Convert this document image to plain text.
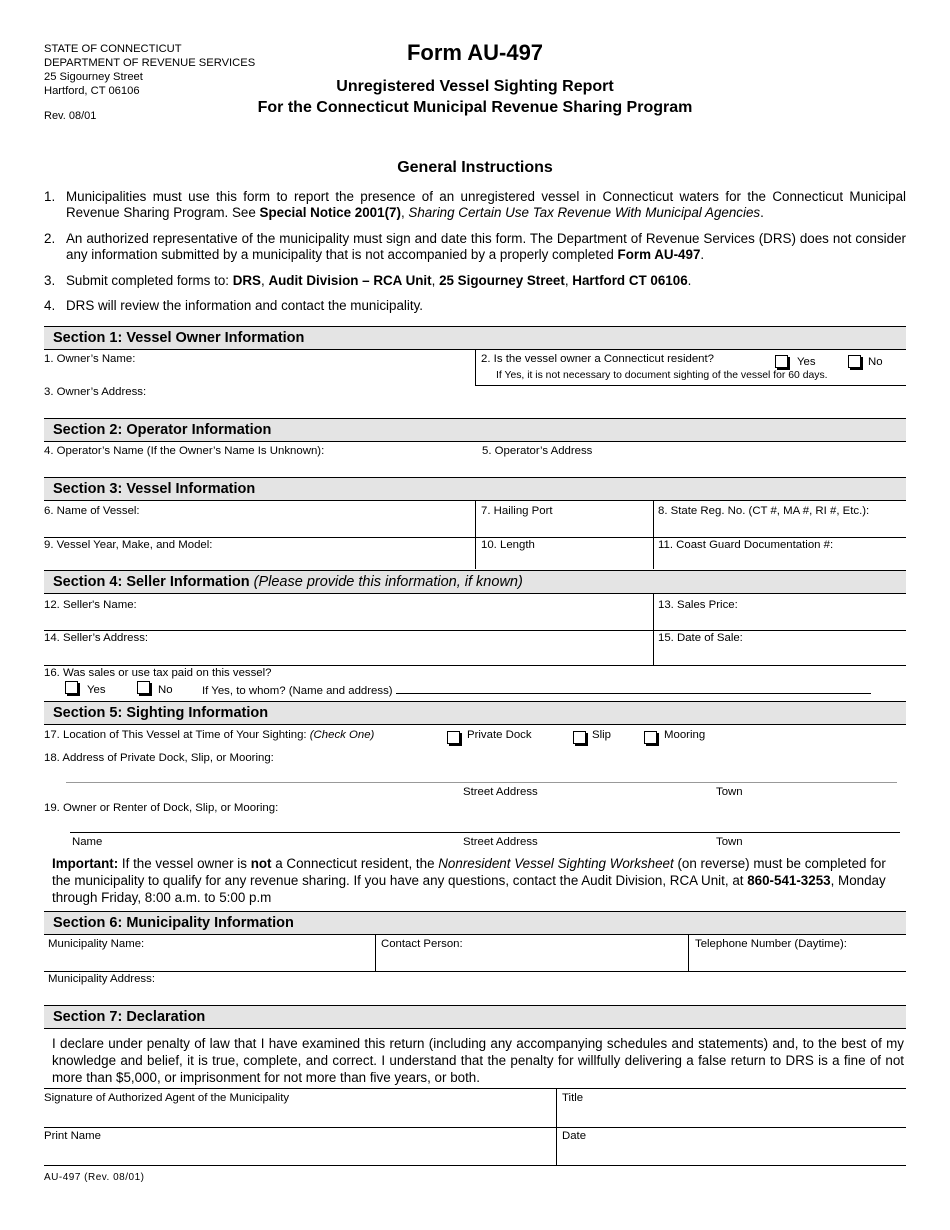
STATE OF CONNECTICUT
DEPARTMENT OF REVENUE SERVICES
25 Sigourney Street
Hartford, CT 06106
Rev. 08/01
Form AU-497
Unregistered Vessel Sighting Report
For the Connecticut Municipal Revenue Sharing Program
General Instructions
1. Municipalities must use this form to report the presence of an unregistered vessel in Connecticut waters for the Connecticut Municipal Revenue Sharing Program. See Special Notice 2001(7), Sharing Certain Use Tax Revenue With Municipal Agencies.
2. An authorized representative of the municipality must sign and date this form. The Department of Revenue Services (DRS) does not consider any information submitted by a municipality that is not accompanied by a properly completed Form AU-497.
3. Submit completed forms to: DRS, Audit Division – RCA Unit, 25 Sigourney Street, Hartford CT 06106.
4. DRS will review the information and contact the municipality.
Section 1: Vessel Owner Information
1. Owner’s Name:	2. Is the vessel owner a Connecticut resident?	Yes	No
If Yes, it is not necessary to document sighting of the vessel for 60 days.
3. Owner’s Address:
Section 2: Operator Information
4. Operator’s Name (If the Owner’s Name Is Unknown):	5. Operator’s Address
Section 3: Vessel Information
6. Name of Vessel:	7. Hailing Port	8. State Reg. No. (CT #, MA #, RI #, Etc.):
9. Vessel Year, Make, and Model:	10. Length	11. Coast Guard Documentation #:
Section 4: Seller Information (Please provide this information, if known)
12. Seller's Name:	13. Sales Price:
14. Seller’s Address:	15. Date of Sale:
16. Was sales or use tax paid on this vessel?
Yes	No	If Yes, to whom? (Name and address)
Section 5: Sighting Information
17. Location of This Vessel at Time of Your Sighting: (Check One)	Private Dock	Slip	Mooring
18. Address of Private Dock, Slip, or Mooring:
Street Address	Town
19. Owner or Renter of Dock, Slip, or Mooring:
Name	Street Address	Town
Important: If the vessel owner is not a Connecticut resident, the Nonresident Vessel Sighting Worksheet (on reverse) must be completed for the municipality to qualify for any revenue sharing. If you have any questions, contact the Audit Division, RCA Unit, at 860-541-3253, Monday through Friday, 8:00 a.m. to 5:00 p.m
Section 6: Municipality Information
Municipality Name:	Contact Person:	Telephone Number (Daytime):
Municipality Address:
Section 7: Declaration
I declare under penalty of law that I have examined this return (including any accompanying schedules and statements) and, to the best of my knowledge and belief, it is true, complete, and correct. I understand that the penalty for willfully delivering a false return to DRS is a fine of not more than $5,000, or imprisonment for not more than five years, or both.
Signature of Authorized Agent of the Municipality	Title
Print Name	Date
AU-497 (Rev. 08/01)
